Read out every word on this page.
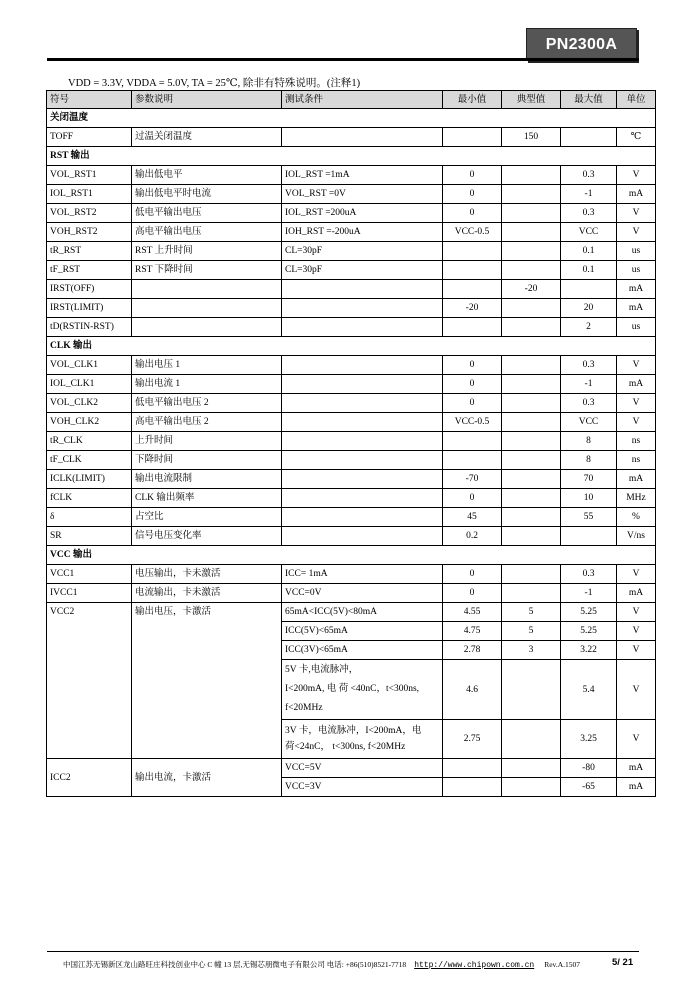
PN2300A
VDD = 3.3V, VDDA = 5.0V, TA = 25℃, 除非有特殊说明。(注释1)
符号	参数说明	测试条件	最小值	典型值	最大值	单位
关闭温度						
TOFF	过温关闭温度			150		℃
RST 输出						
VOL_RST1	输出低电平	IOL_RST =1mA	0		0.3	V
IOL_RST1	输出低电平时电流	VOL_RST =0V	0		-1	mA
VOL_RST2	低电平输出电压	IOL_RST =200uA	0		0.3	V
VOH_RST2	高电平输出电压	IOH_RST =-200uA	VCC-0.5		VCC	V
tR_RST	RST 上升时间	CL=30pF			0.1	us
tF_RST	RST 下降时间	CL=30pF			0.1	us
IRST(OFF)				-20		mA
IRST(LIMIT)			-20		20	mA
tD(RSTIN-RST)					2	us
CLK 输出						
VOL_CLK1	输出电压 1		0		0.3	V
IOL_CLK1	输出电流 1		0		-1	mA
VOL_CLK2	低电平输出电压 2		0		0.3	V
VOH_CLK2	高电平输出电压 2		VCC-0.5		VCC	V
tR_CLK	上升时间				8	ns
tF_CLK	下降时间				8	ns
ICLK(LIMIT)	输出电流限制		-70		70	mA
fCLK	CLK 输出频率		0		10	MHz
δ	占空比		45		55	%
SR	信号电压变化率		0.2			V/ns
VCC 输出						
VCC1	电压输出，卡未激活	ICC= 1mA	0		0.3	V
IVCC1	电流输出，卡未激活	VCC=0V	0		-1	mA
VCC2	输出电压，卡激活	65mA<ICC(5V)<80mA	4.55	5	5.25	V
		ICC(5V)<65mA	4.75	5	5.25	V
		ICC(3V)<65mA	2.78	3	3.22	V
		5V 卡,电流脉冲，
I<200mA, 电 荷 <40nC，t<300ns,
f<20MHz	4.6		5.4	V
		3V 卡，电流脉冲，I<200mA，电
荷<24nC， t<300ns, f<20MHz	2.75		3.25	V
ICC2	输出电流，卡激活	VCC=5V			-80	mA
		VCC=3V			-65	mA
中国江苏无锡新区龙山路旺庄科技创业中心 C 幢 13 层,无锡芯朋微电子有限公司 电话: +86(510)8521-7718 http://www.chipown.com.cn Rev.A.1507	5/ 21
